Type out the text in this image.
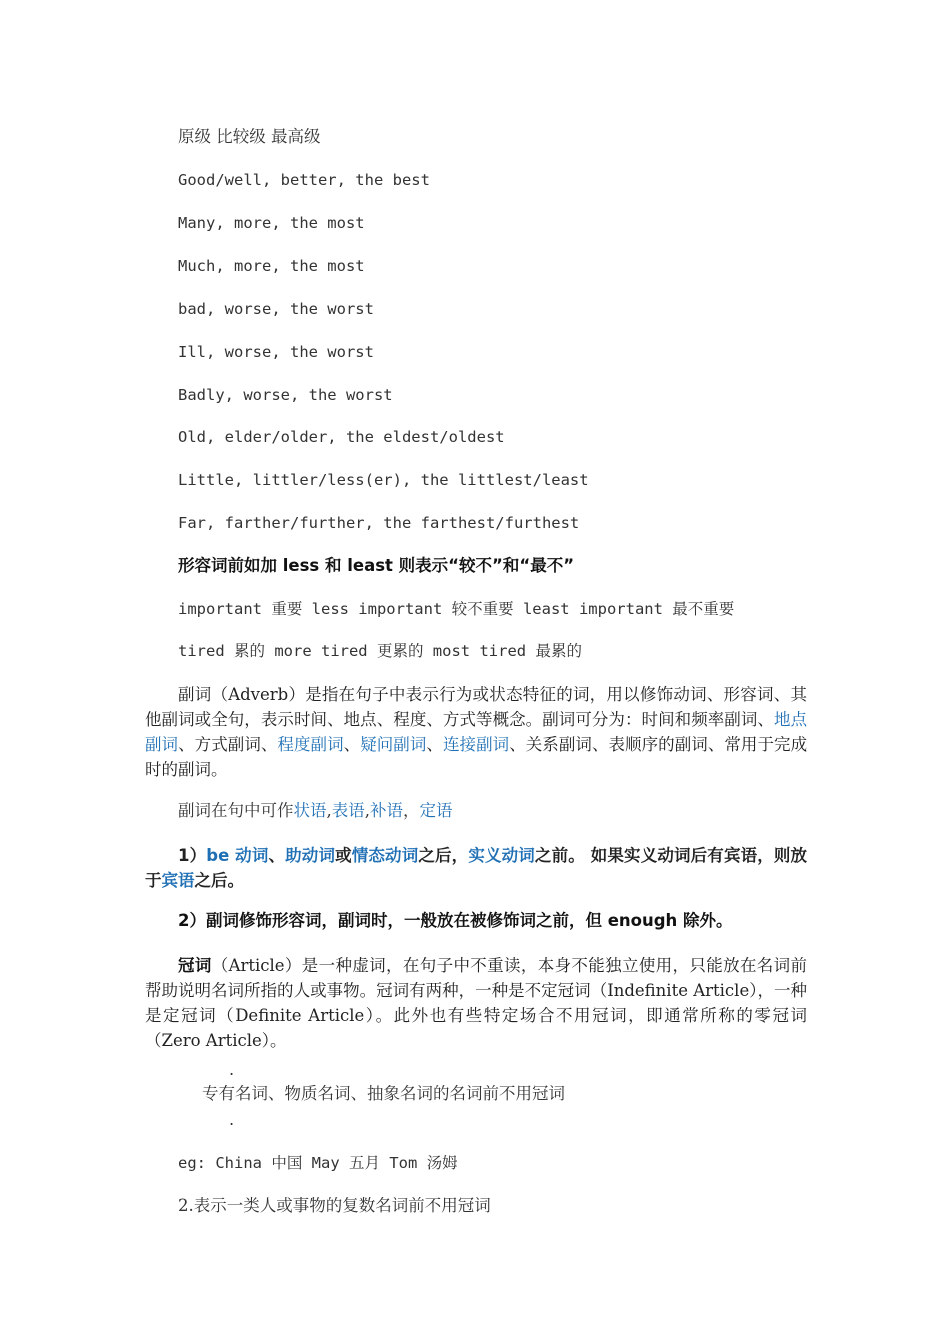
原级 比较级 最高级
Good/well, better, the best
Many, more, the most
Much, more, the most
bad, worse, the worst
Ill, worse, the worst
Badly, worse, the worst
Old, elder/older, the eldest/oldest
Little, littler/less(er), the littlest/least
Far, farther/further, the farthest/furthest
形容词前如加 less 和 least 则表示“较不”和“最不”
important 重要 less important 较不重要 least important 最不重要
tired 累的 more tired 更累的 most tired 最累的
副词（Adverb）是指在句子中表示行为或状态特征的词，用以修饰动词、形容词、其他副词或全句，表示时间、地点、程度、方式等概念。副词可分为：时间和频率副词、地点副词、方式副词、程度副词、疑问副词、连接副词、关系副词、表顺序的副词、常用于完成时的副词。
副词在句中可作状语,表语,补语，定语
1）be 动词、助动词或情态动词之后，实义动词之前。 如果实义动词后有宾语，则放于宾语之后。
2）副词修饰形容词，副词时，一般放在被修饰词之前，但 enough 除外。
冠词（Article）是一种虚词，在句子中不重读，本身不能独立使用，只能放在名词前帮助说明名词所指的人或事物。冠词有两种，一种是不定冠词（Indefinite Article），一种是定冠词（Definite Article）。此外也有些特定场合不用冠词，即通常所称的零冠词（Zero Article）。
.
专有名词、物质名词、抽象名词的名词前不用冠词
.
eg: China 中国 May 五月 Tom 汤姆
2.表示一类人或事物的复数名词前不用冠词
